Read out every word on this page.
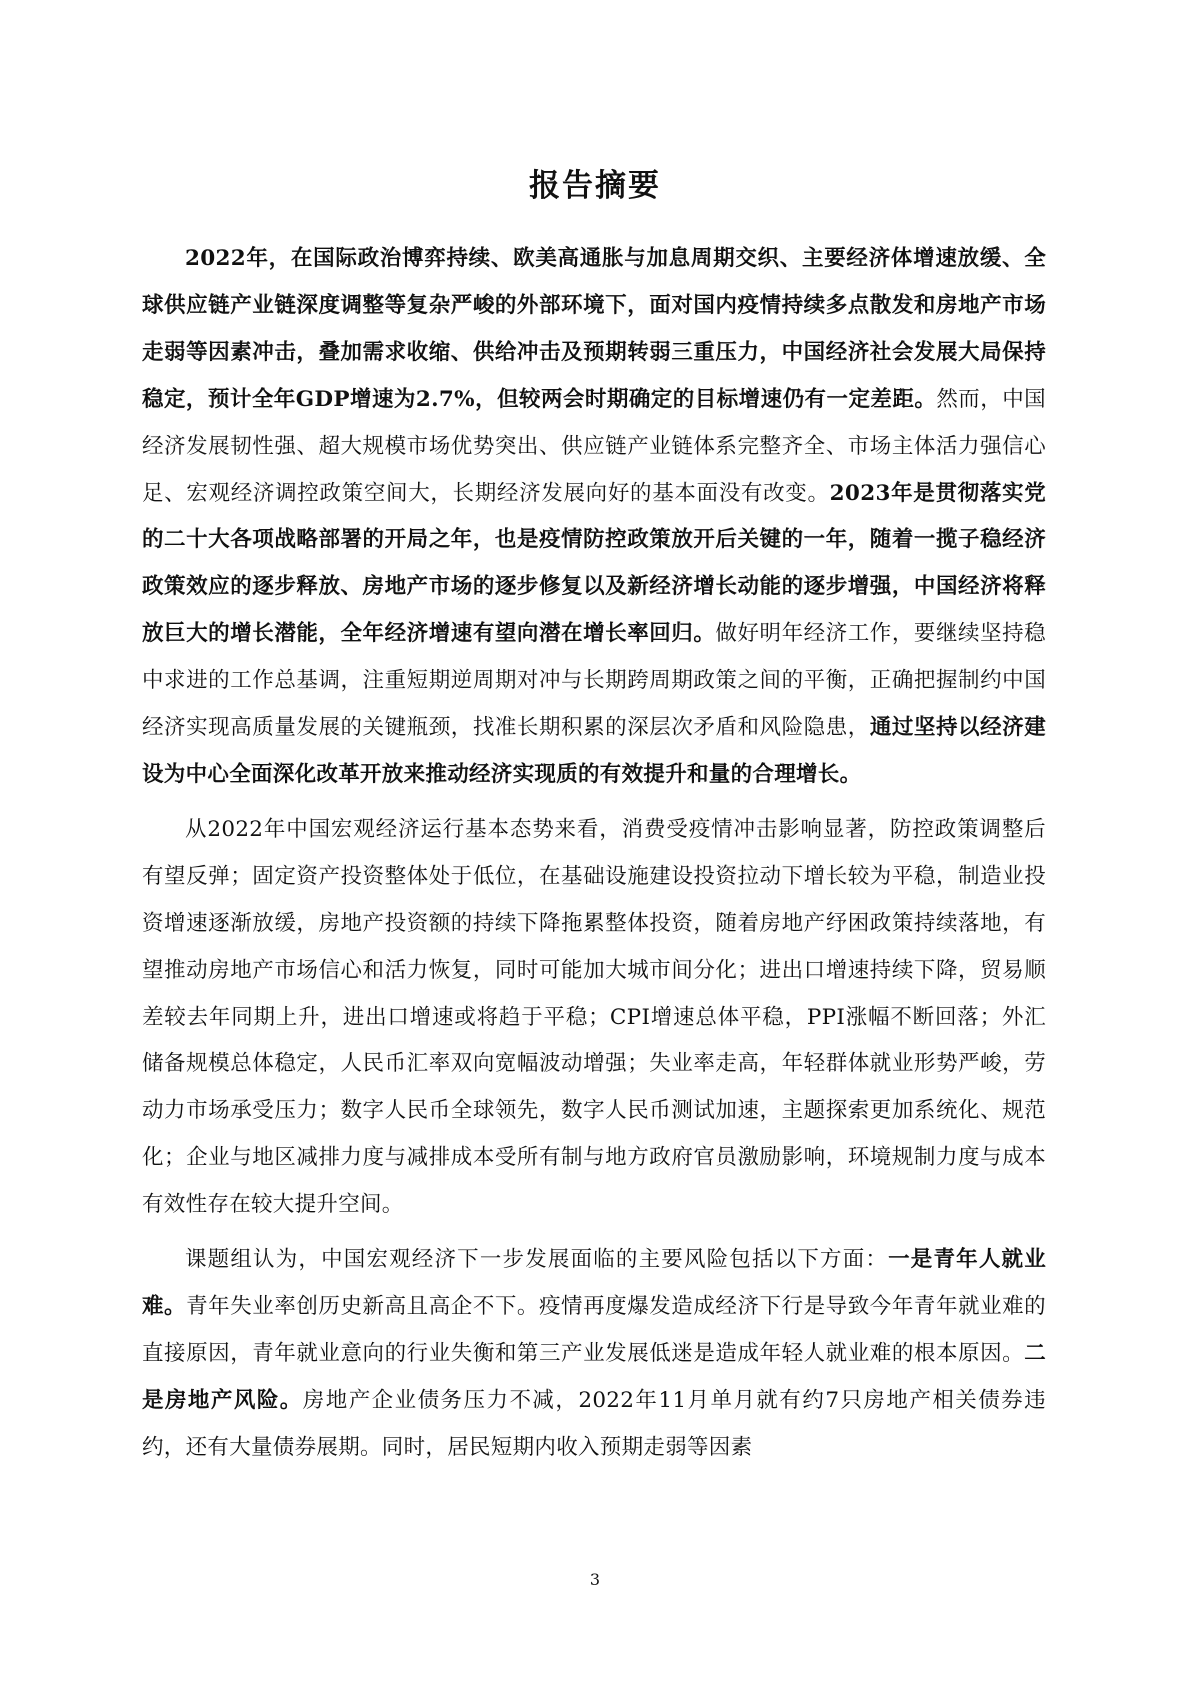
报告摘要

2022年，在国际政治博弈持续、欧美高通胀与加息周期交织、主要经济体增速放缓、全球供应链产业链深度调整等复杂严峻的外部环境下，面对国内疫情持续多点散发和房地产市场走弱等因素冲击，叠加需求收缩、供给冲击及预期转弱三重压力，中国经济社会发展大局保持稳定，预计全年GDP增速为2.7%，但较两会时期确定的目标增速仍有一定差距。然而，中国经济发展韧性强、超大规模市场优势突出、供应链产业链体系完整齐全、市场主体活力强信心足、宏观经济调控政策空间大，长期经济发展向好的基本面没有改变。2023年是贯彻落实党的二十大各项战略部署的开局之年，也是疫情防控政策放开后关键的一年，随着一揽子稳经济政策效应的逐步释放、房地产市场的逐步修复以及新经济增长动能的逐步增强，中国经济将释放巨大的增长潜能，全年经济增速有望向潜在增长率回归。做好明年经济工作，要继续坚持稳中求进的工作总基调，注重短期逆周期对冲与长期跨周期政策之间的平衡，正确把握制约中国经济实现高质量发展的关键瓶颈，找准长期积累的深层次矛盾和风险隐患，通过坚持以经济建设为中心全面深化改革开放来推动经济实现质的有效提升和量的合理增长。

从2022年中国宏观经济运行基本态势来看，消费受疫情冲击影响显著，防控政策调整后有望反弹；固定资产投资整体处于低位，在基础设施建设投资拉动下增长较为平稳，制造业投资增速逐渐放缓，房地产投资额的持续下降拖累整体投资，随着房地产纾困政策持续落地，有望推动房地产市场信心和活力恢复，同时可能加大城市间分化；进出口增速持续下降，贸易顺差较去年同期上升，进出口增速或将趋于平稳；CPI增速总体平稳，PPI涨幅不断回落；外汇储备规模总体稳定，人民币汇率双向宽幅波动增强；失业率走高，年轻群体就业形势严峻，劳动力市场承受压力；数字人民币全球领先，数字人民币测试加速，主题探索更加系统化、规范化；企业与地区减排力度与减排成本受所有制与地方政府官员激励影响，环境规制力度与成本有效性存在较大提升空间。

课题组认为，中国宏观经济下一步发展面临的主要风险包括以下方面：一是青年人就业难。青年失业率创历史新高且高企不下。疫情再度爆发造成经济下行是导致今年青年就业难的直接原因，青年就业意向的行业失衡和第三产业发展低迷是造成年轻人就业难的根本原因。二是房地产风险。房地产企业债务压力不减，2022年11月单月就有约7只房地产相关债券违约，还有大量债券展期。同时，居民短期内收入预期走弱等因素

3
